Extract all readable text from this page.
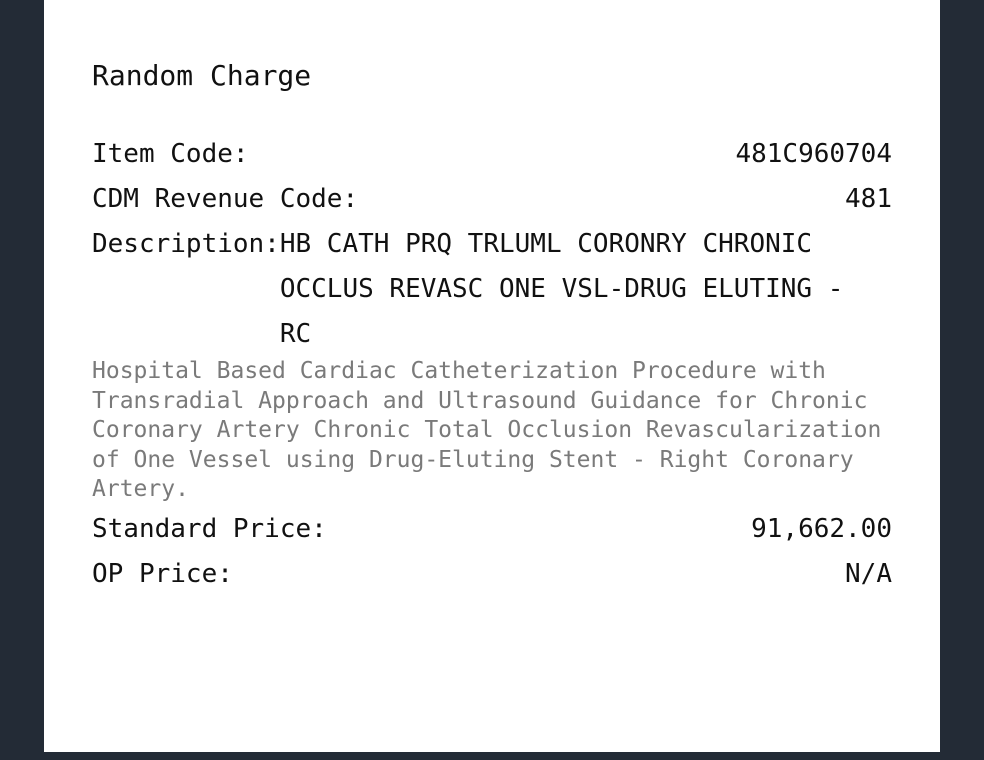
Random Charge
Item Code:	481C960704
CDM Revenue Code:	481
Description: HB CATH PRQ TRLUML CORONRY CHRONIC OCCLUS REVASC ONE VSL-DRUG ELUTING - RC
Hospital Based Cardiac Catheterization Procedure with Transradial Approach and Ultrasound Guidance for Chronic Coronary Artery Chronic Total Occlusion Revascularization of One Vessel using Drug-Eluting Stent - Right Coronary Artery.
Standard Price:	91,662.00
OP Price:	N/A
